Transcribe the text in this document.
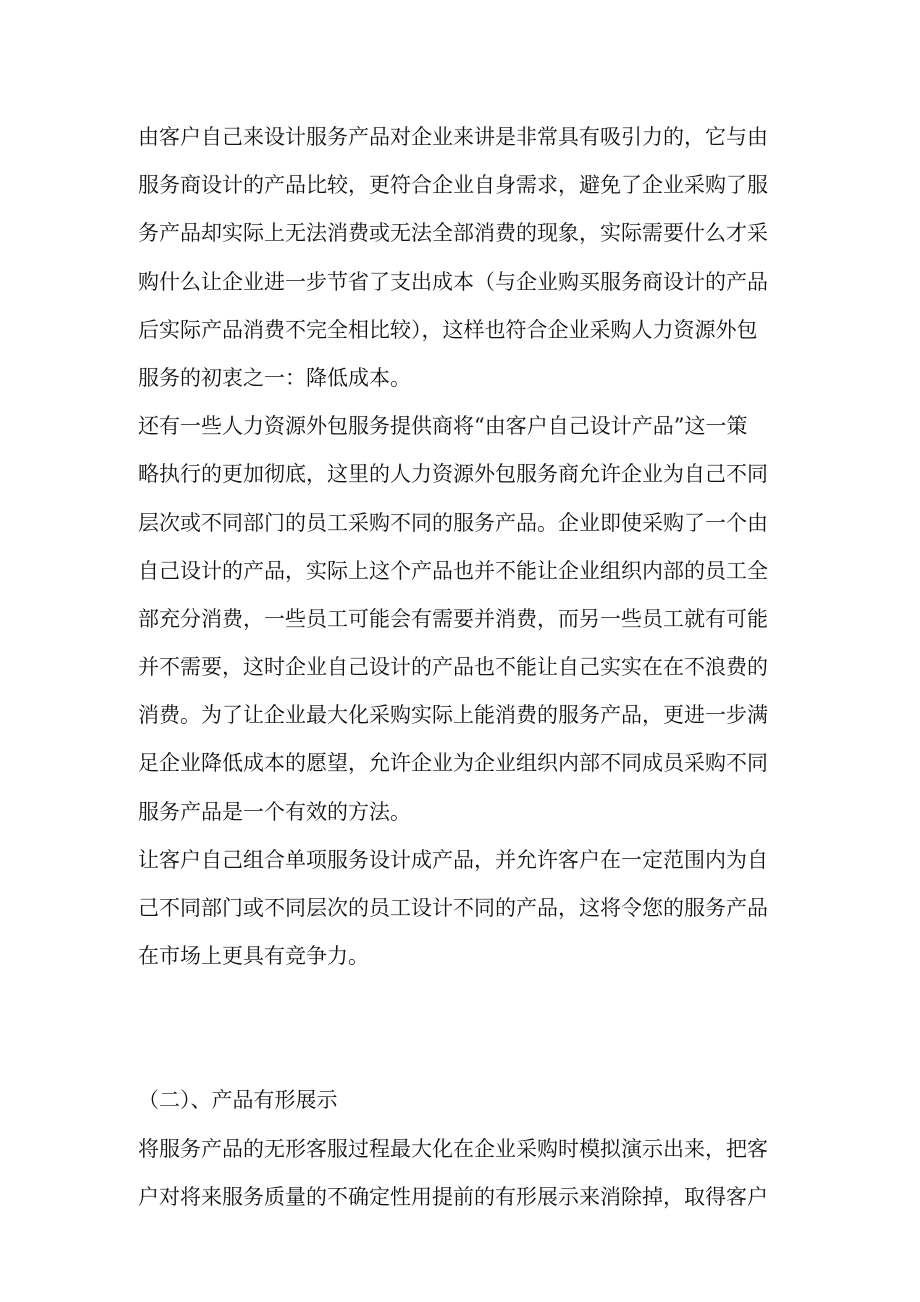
由客户自己来设计服务产品对企业来讲是非常具有吸引力的，它与由
服务商设计的产品比较，更符合企业自身需求，避免了企业采购了服
务产品却实际上无法消费或无法全部消费的现象，实际需要什么才采
购什么让企业进一步节省了支出成本（与企业购买服务商设计的产品
后实际产品消费不完全相比较），这样也符合企业采购人力资源外包
服务的初衷之一：降低成本。
还有一些人力资源外包服务提供商将“由客户自己设计产品”这一策
略执行的更加彻底，这里的人力资源外包服务商允许企业为自己不同
层次或不同部门的员工采购不同的服务产品。企业即使采购了一个由
自己设计的产品，实际上这个产品也并不能让企业组织内部的员工全
部充分消费，一些员工可能会有需要并消费，而另一些员工就有可能
并不需要，这时企业自己设计的产品也不能让自己实实在在不浪费的
消费。为了让企业最大化采购实际上能消费的服务产品，更进一步满
足企业降低成本的愿望，允许企业为企业组织内部不同成员采购不同
服务产品是一个有效的方法。
让客户自己组合单项服务设计成产品，并允许客户在一定范围内为自
己不同部门或不同层次的员工设计不同的产品，这将令您的服务产品
在市场上更具有竞争力。
（二）、产品有形展示
将服务产品的无形客服过程最大化在企业采购时模拟演示出来，把客
户对将来服务质量的不确定性用提前的有形展示来消除掉，取得客户
